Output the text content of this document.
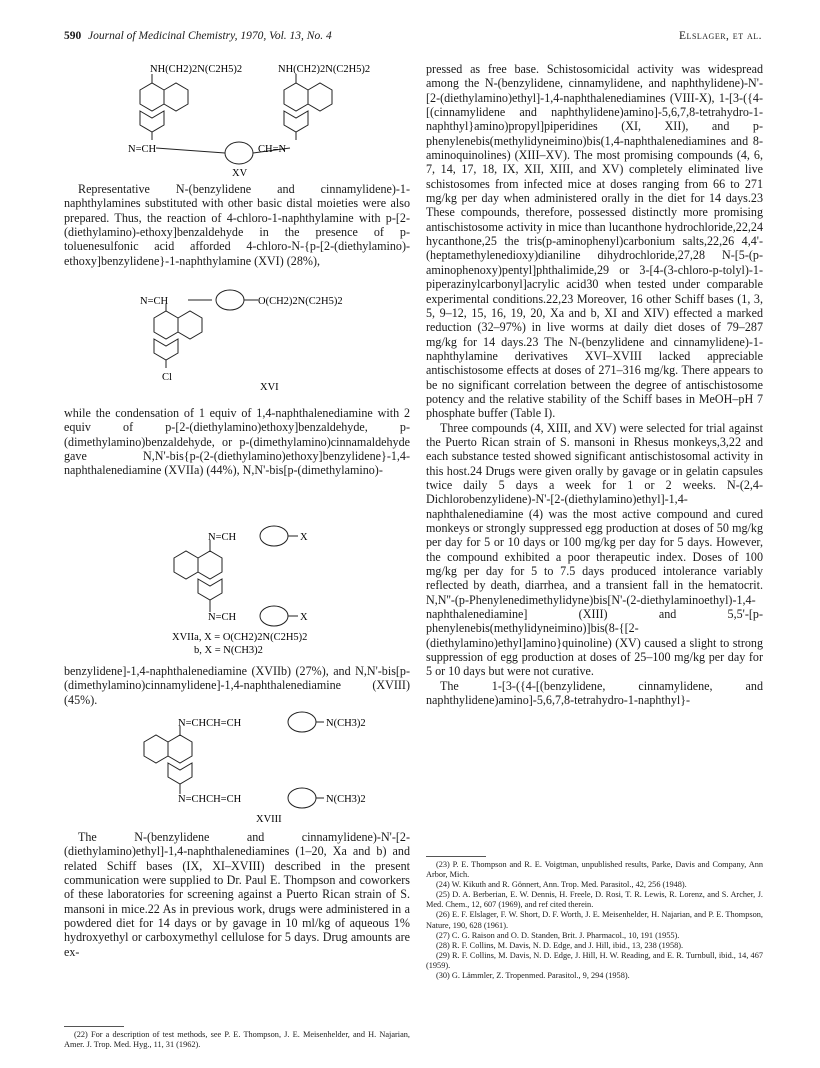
590 Journal of Medicinal Chemistry, 1970, Vol. 13, No. 4	Elslager, et al.
NH(CH2)2N(C2H5)2	NH(CH2)2N(C2H5)2
N=CH	CH=N
XV

Representative N-(benzylidene and cinnamylidene)-1-naphthylamines substituted with other basic distal moieties were also prepared. Thus, the reaction of 4-chloro-1-naphthylamine with p-[2-(diethylamino)-ethoxy]benzaldehyde in the presence of p-toluenesulfonic acid afforded 4-chloro-N-{p-[2-(diethylamino)-ethoxy]benzylidene}-1-naphthylamine (XVI) (28%),

N=CH	O(CH2)2N(C2H5)2
Cl
XVI

while the condensation of 1 equiv of 1,4-naphthalenediamine with 2 equiv of p-[2-(diethylamino)ethoxy]benzaldehyde, p-(dimethylamino)benzaldehyde, or p-(dimethylamino)cinnamaldehyde gave N,N'-bis{p-(2-(diethylamino)ethoxy]benzylidene}-1,4-naphthalenediamine (XVIIa) (44%), N,N'-bis[p-(dimethylamino)-

N=CH
N=CH
X
X
XVIIa, X = O(CH2)2N(C2H5)2
b, X = N(CH3)2

benzylidene]-1,4-naphthalenediamine (XVIIb) (27%), and N,N'-bis[p-(dimethylamino)cinnamylidene]-1,4-naphthalenediamine (XVIII) (45%).

N=CHCH=CH
N=CHCH=CH
N(CH3)2
N(CH3)2
XVIII

The N-(benzylidene and cinnamylidene)-N'-[2-(diethylamino)ethyl]-1,4-naphthalenediamines (1–20, Xa and b) and related Schiff bases (IX, XI–XVIII) described in the present communication were supplied to Dr. Paul E. Thompson and coworkers of these laboratories for screening against a Puerto Rican strain of S. mansoni in mice.22 As in previous work, drugs were administered in a powdered diet for 14 days or by gavage in 10 ml/kg of aqueous 1% hydroxyethyl or carboxymethyl cellulose for 5 days. Drug amounts are ex-

(22) For a description of test methods, see P. E. Thompson, J. E. Meisenhelder, and H. Najarian, Amer. J. Trop. Med. Hyg., 11, 31 (1962).

pressed as free base. Schistosomicidal activity was widespread among the N-(benzylidene, cinnamylidene, and naphthylidene)-N'-[2-(diethylamino)ethyl]-1,4-naphthalenediamines (VIII-X), 1-[3-({4-[(cinnamylidene and naphthylidene)amino]-5,6,7,8-tetrahydro-1-naphthyl}amino)propyl]piperidines (XI, XII), and p-phenylenebis(methylidyneimino)bis(1,4-naphthalenediamines and 8-aminoquinolines) (XIII–XV). The most promising compounds (4, 6, 7, 14, 17, 18, IX, XII, XIII, and XV) completely eliminated live schistosomes from infected mice at doses ranging from 66 to 271 mg/kg per day when administered orally in the diet for 14 days.23 These compounds, therefore, possessed distinctly more promising antischistosome activity in mice than lucanthone hydrochloride,22,24 hycanthone,25 the tris(p-aminophenyl)carbonium salts,22,26 4,4'-(heptamethylenedioxy)dianiline dihydrochloride,27,28 N-[5-(p-aminophenoxy)pentyl]phthalimide,29 or 3-[4-(3-chloro-p-tolyl)-1-piperazinylcarbonyl]acrylic acid30 when tested under comparable experimental conditions.22,23 Moreover, 16 other Schiff bases (1, 3, 5, 9–12, 15, 16, 19, 20, Xa and b, XI and XIV) effected a marked reduction (32–97%) in live worms at daily diet doses of 79–287 mg/kg for 14 days.23 The N-(benzylidene and cinnamylidene)-1-naphthylamine derivatives XVI–XVIII lacked appreciable antischistosome effects at doses of 271–316 mg/kg. There appears to be no significant correlation between the degree of antischistosome potency and the relative stability of the Schiff bases in MeOH–pH 7 phosphate buffer (Table I).

Three compounds (4, XIII, and XV) were selected for trial against the Puerto Rican strain of S. mansoni in Rhesus monkeys,3,22 and each substance tested showed significant antischistosomal activity in this host.24 Drugs were given orally by gavage or in gelatin capsules twice daily 5 days a week for 1 or 2 weeks. N-(2,4-Dichlorobenzylidene)-N'-[2-(diethylamino)ethyl]-1,4-naphthalenediamine (4) was the most active compound and cured monkeys or strongly suppressed egg production at doses of 50 mg/kg per day for 5 or 10 days or 100 mg/kg per day for 5 days. However, the compound exhibited a poor therapeutic index. Doses of 100 mg/kg per day for 5 to 7.5 days produced intolerance variably reflected by death, diarrhea, and a transient fall in the hematocrit. N,N''-(p-Phenylenedimethylidyne)bis[N'-(2-diethylaminoethyl)-1,4-naphthalenediamine] (XIII) and 5,5'-[p-phenylenebis(methylidyneimino)]bis(8-{[2-(diethylamino)ethyl]amino}quinoline) (XV) caused a slight to strong suppression of egg production at doses of 25–100 mg/kg per day for 5 or 10 days but were not curative.

The 1-[3-({4-[(benzylidene, cinnamylidene, and naphthylidene)amino]-5,6,7,8-tetrahydro-1-naphthyl}-

(23) P. E. Thompson and R. E. Voigtman, unpublished results, Parke, Davis and Company, Ann Arbor, Mich.

(24) W. Kikuth and R. Gönnert, Ann. Trop. Med. Parasitol., 42, 256 (1948).

(25) D. A. Berberian, E. W. Dennis, H. Freele, D. Rosi, T. R. Lewis, R. Lorenz, and S. Archer, J. Med. Chem., 12, 607 (1969), and ref cited therein.

(26) E. F. Elslager, F. W. Short, D. F. Worth, J. E. Meisenhelder, H. Najarian, and P. E. Thompson, Nature, 190, 628 (1961).

(27) C. G. Raison and O. D. Standen, Brit. J. Pharmacol., 10, 191 (1955).

(28) R. F. Collins, M. Davis, N. D. Edge, and J. Hill, ibid., 13, 238 (1958).

(29) R. F. Collins, M. Davis, N. D. Edge, J. Hill, H. W. Reading, and E. R. Turnbull, ibid., 14, 467 (1959).

(30) G. Lämmler, Z. Tropenmed. Parasitol., 9, 294 (1958).
